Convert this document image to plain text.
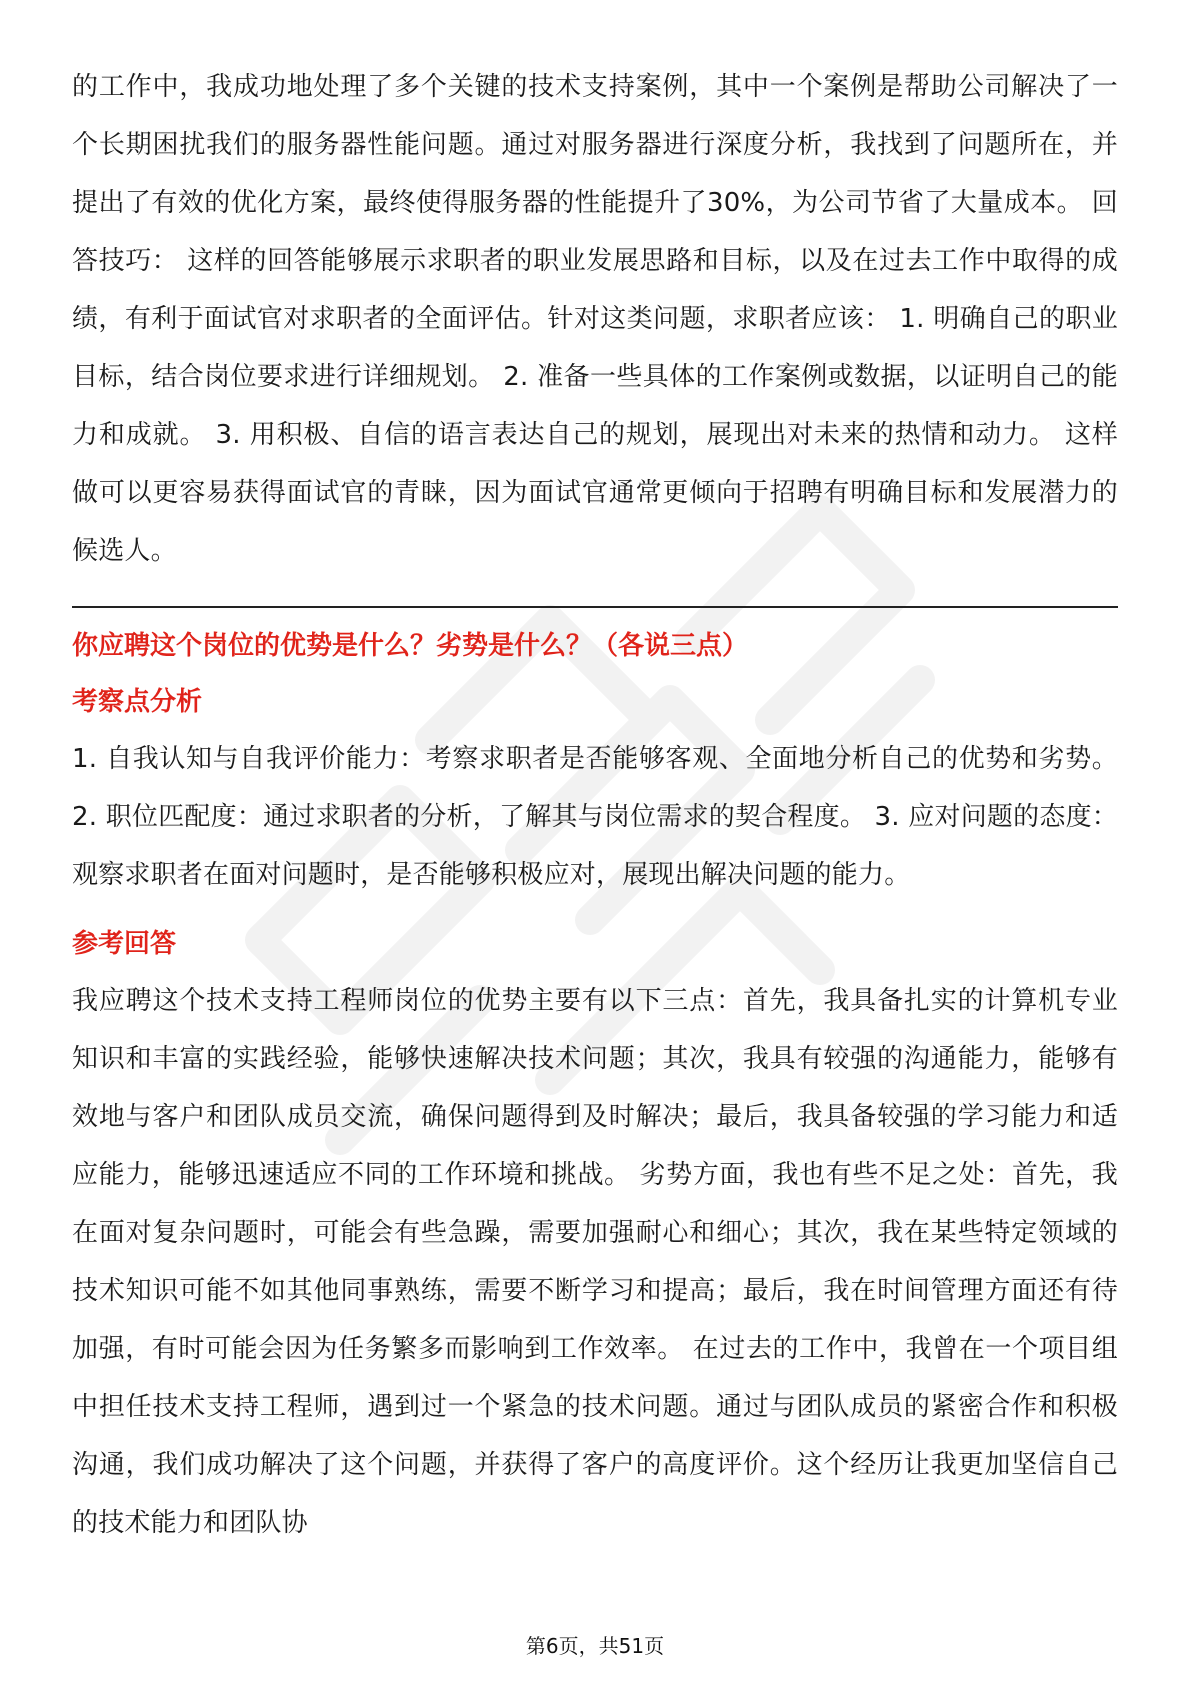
的工作中，我成功地处理了多个关键的技术支持案例，其中一个案例是帮助公司解决了一个长期困扰我们的服务器性能问题。通过对服务器进行深度分析，我找到了问题所在，并提出了有效的优化方案，最终使得服务器的性能提升了30%，为公司节省了大量成本。 回答技巧： 这样的回答能够展示求职者的职业发展思路和目标，以及在过去工作中取得的成绩，有利于面试官对求职者的全面评估。针对这类问题，求职者应该： 1. 明确自己的职业目标，结合岗位要求进行详细规划。 2. 准备一些具体的工作案例或数据，以证明自己的能力和成就。 3. 用积极、自信的语言表达自己的规划，展现出对未来的热情和动力。 这样做可以更容易获得面试官的青睐，因为面试官通常更倾向于招聘有明确目标和发展潜力的候选人。

你应聘这个岗位的优势是什么？劣势是什么？（各说三点）

考察点分析

1. 自我认知与自我评价能力：考察求职者是否能够客观、全面地分析自己的优势和劣势。 2. 职位匹配度：通过求职者的分析，了解其与岗位需求的契合程度。 3. 应对问题的态度：观察求职者在面对问题时，是否能够积极应对，展现出解决问题的能力。

参考回答

我应聘这个技术支持工程师岗位的优势主要有以下三点：首先，我具备扎实的计算机专业知识和丰富的实践经验，能够快速解决技术问题；其次，我具有较强的沟通能力，能够有效地与客户和团队成员交流，确保问题得到及时解决；最后，我具备较强的学习能力和适应能力，能够迅速适应不同的工作环境和挑战。 劣势方面，我也有些不足之处：首先，我在面对复杂问题时，可能会有些急躁，需要加强耐心和细心；其次，我在某些特定领域的技术知识可能不如其他同事熟练，需要不断学习和提高；最后，我在时间管理方面还有待加强，有时可能会因为任务繁多而影响到工作效率。 在过去的工作中，我曾在一个项目组中担任技术支持工程师，遇到过一个紧急的技术问题。通过与团队成员的紧密合作和积极沟通，我们成功解决了这个问题，并获得了客户的高度评价。这个经历让我更加坚信自己的技术能力和团队协

第6页，共51页
